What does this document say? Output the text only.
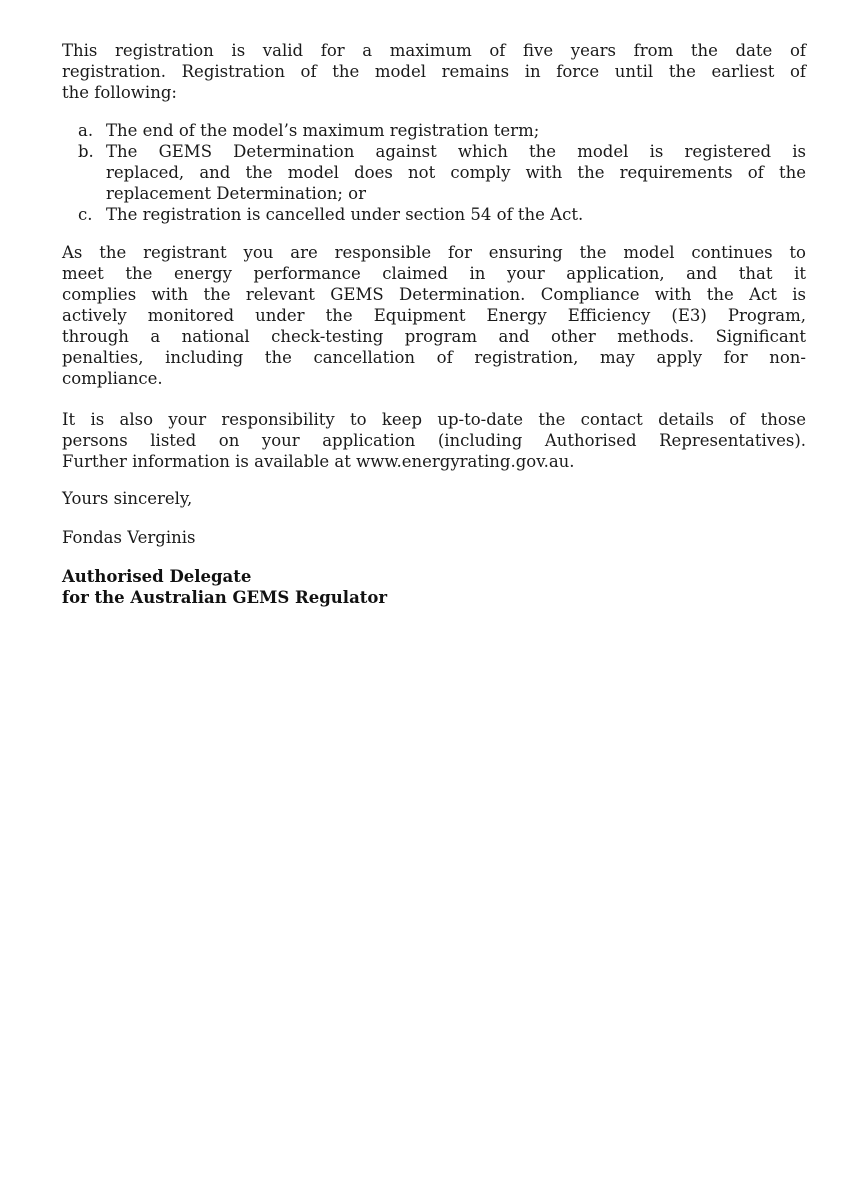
This registration is valid for a maximum of five years from the date of
registration. Registration of the model remains in force until the earliest of
the following:
a. The end of the model’s maximum registration term;
b. The GEMS Determination against which the model is registered is
replaced, and the model does not comply with the requirements of the
replacement Determination; or
c. The registration is cancelled under section 54 of the Act.
As the registrant you are responsible for ensuring the model continues to
meet the energy performance claimed in your application, and that it
complies with the relevant GEMS Determination. Compliance with the Act is
actively monitored under the Equipment Energy Efficiency (E3) Program,
through a national check-testing program and other methods. Significant
penalties, including the cancellation of registration, may apply for non-
compliance.
It is also your responsibility to keep up-to-date the contact details of those
persons listed on your application (including Authorised Representatives).
Further information is available at www.energyrating.gov.au.
Yours sincerely,
Fondas Verginis
Authorised Delegate
for the Australian GEMS Regulator
